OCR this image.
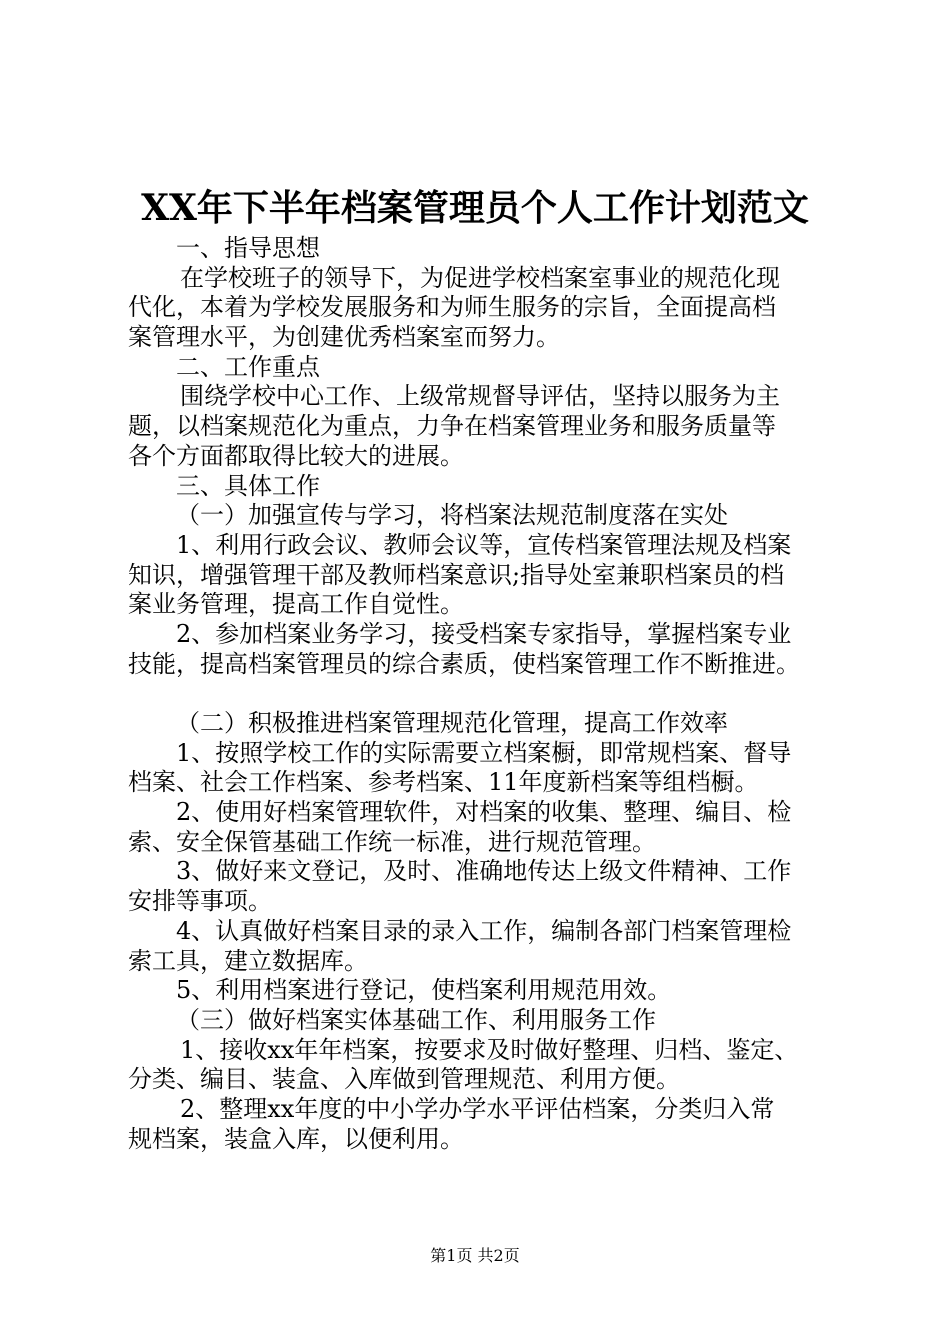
XX年下半年档案管理员个人工作计划范文
一、指导思想
在学校班子的领导下，为促进学校档案室事业的规范化现
代化，本着为学校发展服务和为师生服务的宗旨，全面提高档
案管理水平，为创建优秀档案室而努力。
二、工作重点
围绕学校中心工作、上级常规督导评估，坚持以服务为主
题，以档案规范化为重点，力争在档案管理业务和服务质量等
各个方面都取得比较大的进展。
三、具体工作
（一）加强宣传与学习，将档案法规范制度落在实处
1、利用行政会议、教师会议等，宣传档案管理法规及档案
知识，增强管理干部及教师档案意识;指导处室兼职档案员的档
案业务管理，提高工作自觉性。
2、参加档案业务学习，接受档案专家指导，掌握档案专业
技能，提高档案管理员的综合素质，使档案管理工作不断推进。
（二）积极推进档案管理规范化管理，提高工作效率
1、按照学校工作的实际需要立档案橱，即常规档案、督导
档案、社会工作档案、参考档案、11年度新档案等组档橱。
2、使用好档案管理软件，对档案的收集、整理、编目、检
索、安全保管基础工作统一标准，进行规范管理。
3、做好来文登记，及时、准确地传达上级文件精神、工作
安排等事项。
4、认真做好档案目录的录入工作，编制各部门档案管理检
索工具，建立数据库。
5、利用档案进行登记，使档案利用规范用效。
（三）做好档案实体基础工作、利用服务工作
1、接收xx年年档案，按要求及时做好整理、归档、鉴定、
分类、编目、装盒、入库做到管理规范、利用方便。
2、整理xx年度的中小学办学水平评估档案，分类归入常
规档案，装盒入库，以便利用。
第1页 共2页
